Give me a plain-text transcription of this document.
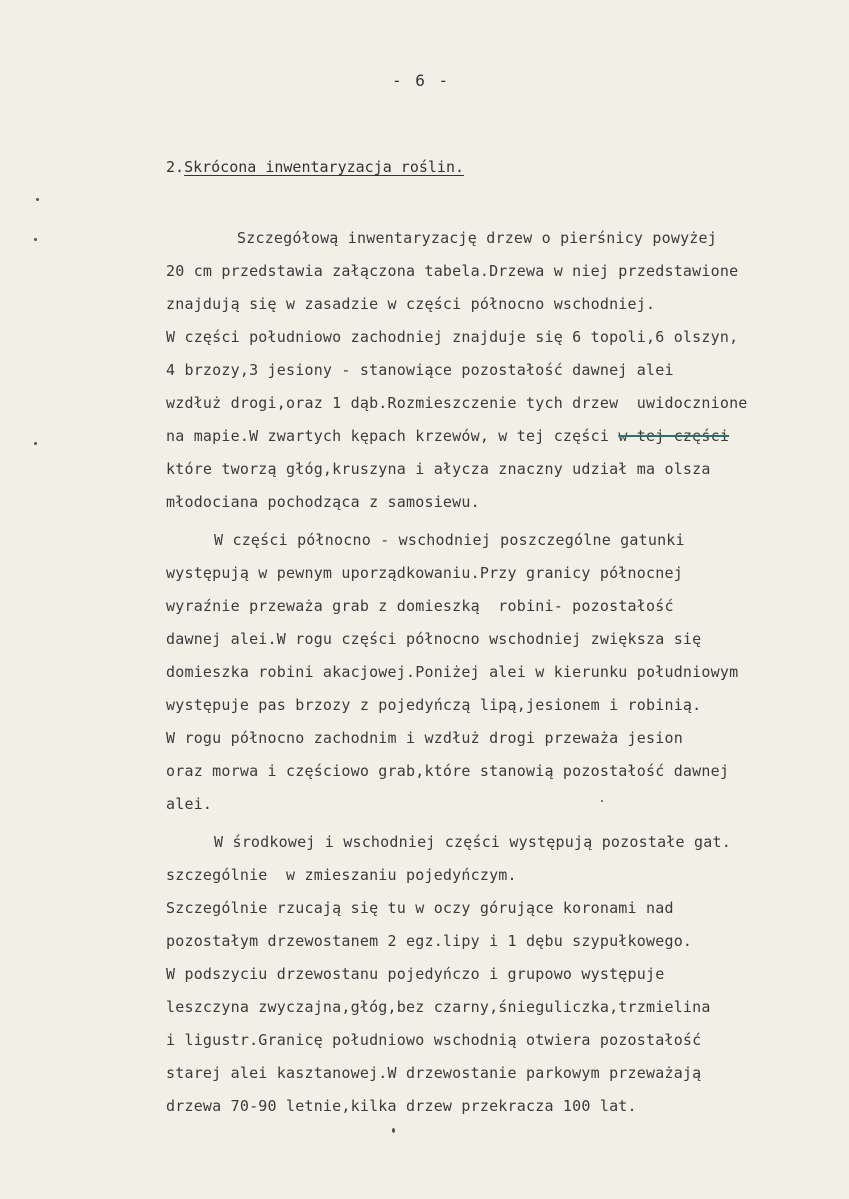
- 6 -
2.Skrócona inwentaryzacja roślin.
Szczegółową inwentaryzację drzew o pierśnicy powyżej
20 cm przedstawia załączona tabela.Drzewa w niej przedstawione
znajdują się w zasadzie w części północno wschodniej.
W części południowo zachodniej znajduje się 6 topoli,6 olszyn,
4 brzozy,3 jesiony - stanowiące pozostałość dawnej alei
wzdłuż drogi,oraz 1 dąb.Rozmieszczenie tych drzew  uwidocznione
na mapie.W zwartych kępach krzewów, w tej części w tej części
które tworzą głóg,kruszyna i ałycza znaczny udział ma olsza
młodociana pochodząca z samosiewu.
W części północno - wschodniej poszczególne gatunki
występują w pewnym uporządkowaniu.Przy granicy północnej
wyraźnie przeważa grab z domieszką  robini- pozostałość
dawnej alei.W rogu części północno wschodniej zwiększa się
domieszka robini akacjowej.Poniżej alei w kierunku południowym
występuje pas brzozy z pojedyńczą lipą,jesionem i robinią.
W rogu północno zachodnim i wzdłuż drogi przeważa jesion
oraz morwa i częściowo grab,które stanowią pozostałość dawnej
alei.
W środkowej i wschodniej części występują pozostałe gat.
szczególnie  w zmieszaniu pojedyńczym.
Szczególnie rzucają się tu w oczy górujące koronami nad
pozostałym drzewostanem 2 egz.lipy i 1 dębu szypułkowego.
W podszyciu drzewostanu pojedyńczo i grupowo występuje
leszczyna zwyczajna,głóg,bez czarny,śnieguliczka,trzmielina
i ligustr.Granicę południowo wschodnią otwiera pozostałość
starej alei kasztanowej.W drzewostanie parkowym przeważają
drzewa 70-90 letnie,kilka drzew przekracza 100 lat.
